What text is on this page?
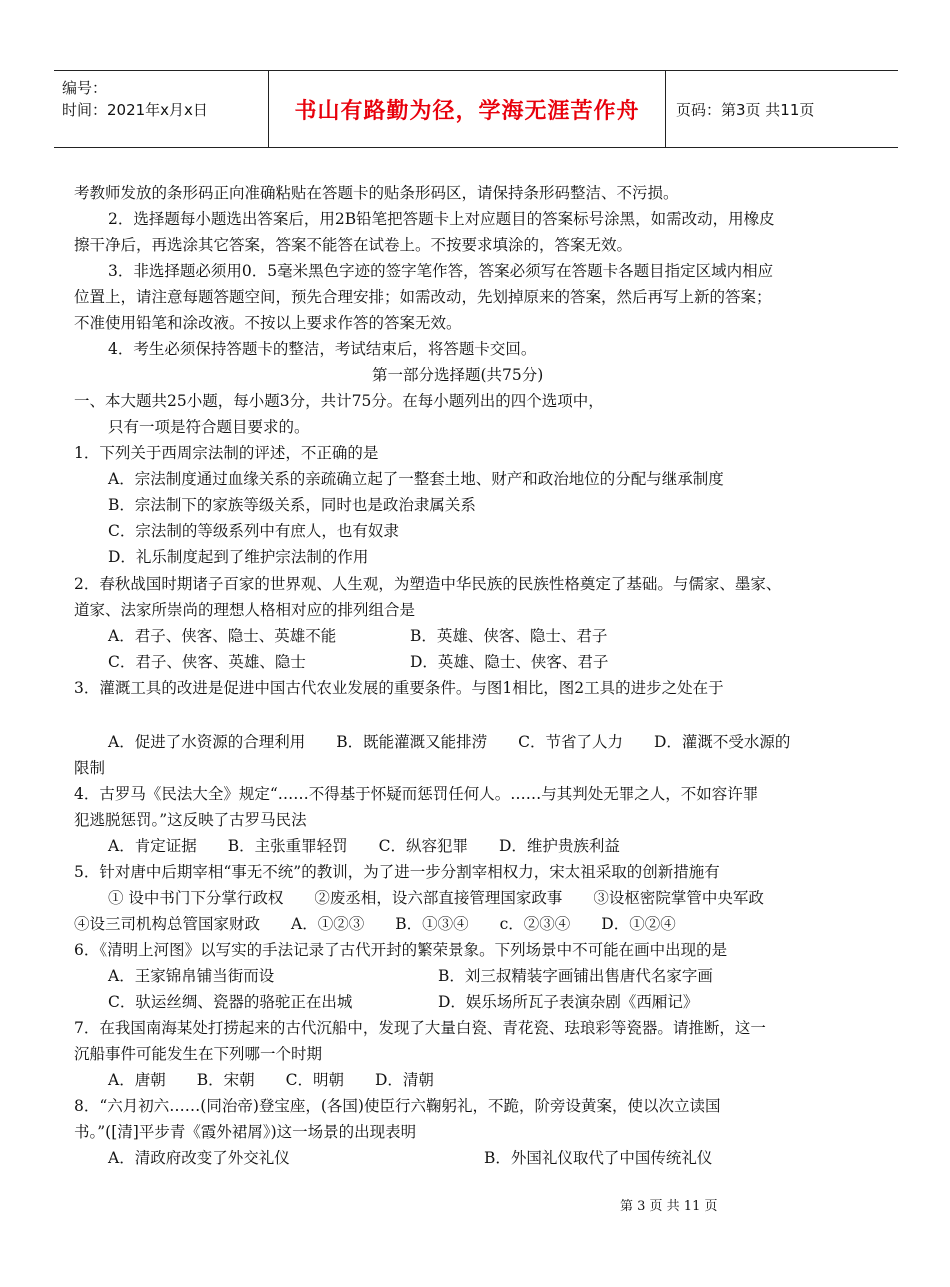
编号：
时间：2021年x月x日	书山有路勤为径，学海无涯苦作舟	页码：第3页 共11页
考教师发放的条形码正向准确粘贴在答题卡的贴条形码区，请保持条形码整洁、不污损。
2．选择题每小题选出答案后，用2B铅笔把答题卡上对应题目的答案标号涂黑，如需改动，用橡皮
擦干净后，再选涂其它答案，答案不能答在试卷上。不按要求填涂的，答案无效。
3．非选择题必须用0．5毫米黑色字迹的签字笔作答，答案必须写在答题卡各题目指定区域内相应
位置上，请注意每题答题空间，预先合理安排；如需改动，先划掉原来的答案，然后再写上新的答案；
不准使用铅笔和涂改液。不按以上要求作答的答案无效。
4．考生必须保持答题卡的整洁，考试结束后，将答题卡交回。
第一部分选择题(共75分)
一、本大题共25小题，每小题3分，共计75分。在每小题列出的四个选项中，
只有一项是符合题目要求的。
1．下列关于西周宗法制的评述，不正确的是
A．宗法制度通过血缘关系的亲疏确立起了一整套土地、财产和政治地位的分配与继承制度
B．宗法制下的家族等级关系，同时也是政治隶属关系
C．宗法制的等级系列中有庶人，也有奴隶
D．礼乐制度起到了维护宗法制的作用
2．春秋战国时期诸子百家的世界观、人生观，为塑造中华民族的民族性格奠定了基础。与儒家、墨家、
道家、法家所崇尚的理想人格相对应的排列组合是
A．君子、侠客、隐士、英雄不能	B．英雄、侠客、隐士、君子
C．君子、侠客、英雄、隐士	D．英雄、隐士、侠客、君子
3．灌溉工具的改进是促进中国古代农业发展的重要条件。与图1相比，图2工具的进步之处在于
A．促进了水资源的合理利用　　B．既能灌溉又能排涝　　C．节省了人力　　D．灌溉不受水源的
限制
4．古罗马《民法大全》规定“……不得基于怀疑而惩罚任何人。……与其判处无罪之人，不如容许罪
犯逃脱惩罚。”这反映了古罗马民法
A．肯定证据　　B．主张重罪轻罚　　C．纵容犯罪　　D．维护贵族利益
5．针对唐中后期宰相“事无不统”的教训，为了进一步分割宰相权力，宋太祖采取的创新措施有
① 设中书门下分掌行政权　　②废丞相，设六部直接管理国家政事　　③设枢密院掌管中央军政
④设三司机构总管国家财政　　A．①②③　　B．①③④　　c．②③④　　D．①②④
6．《清明上河图》以写实的手法记录了古代开封的繁荣景象。下列场景中不可能在画中出现的是
A．王家锦帛铺当街而设	B．刘三叔精装字画铺出售唐代名家字画
C．驮运丝绸、瓷器的骆驼正在出城	D．娱乐场所瓦子表演杂剧《西厢记》
7．在我国南海某处打捞起来的古代沉船中，发现了大量白瓷、青花瓷、珐琅彩等瓷器。请推断，这一
沉船事件可能发生在下列哪一个时期
A．唐朝　　B．宋朝　　C．明朝　　D．清朝
8．“六月初六……(同治帝)登宝座，(各国)使臣行六鞠躬礼，不跪，阶旁设黄案，使以次立读国
书。”([清]平步青《霞外裙屑》)这一场景的出现表明
A．清政府改变了外交礼仪	B．外国礼仪取代了中国传统礼仪
第 3 页 共 11 页
